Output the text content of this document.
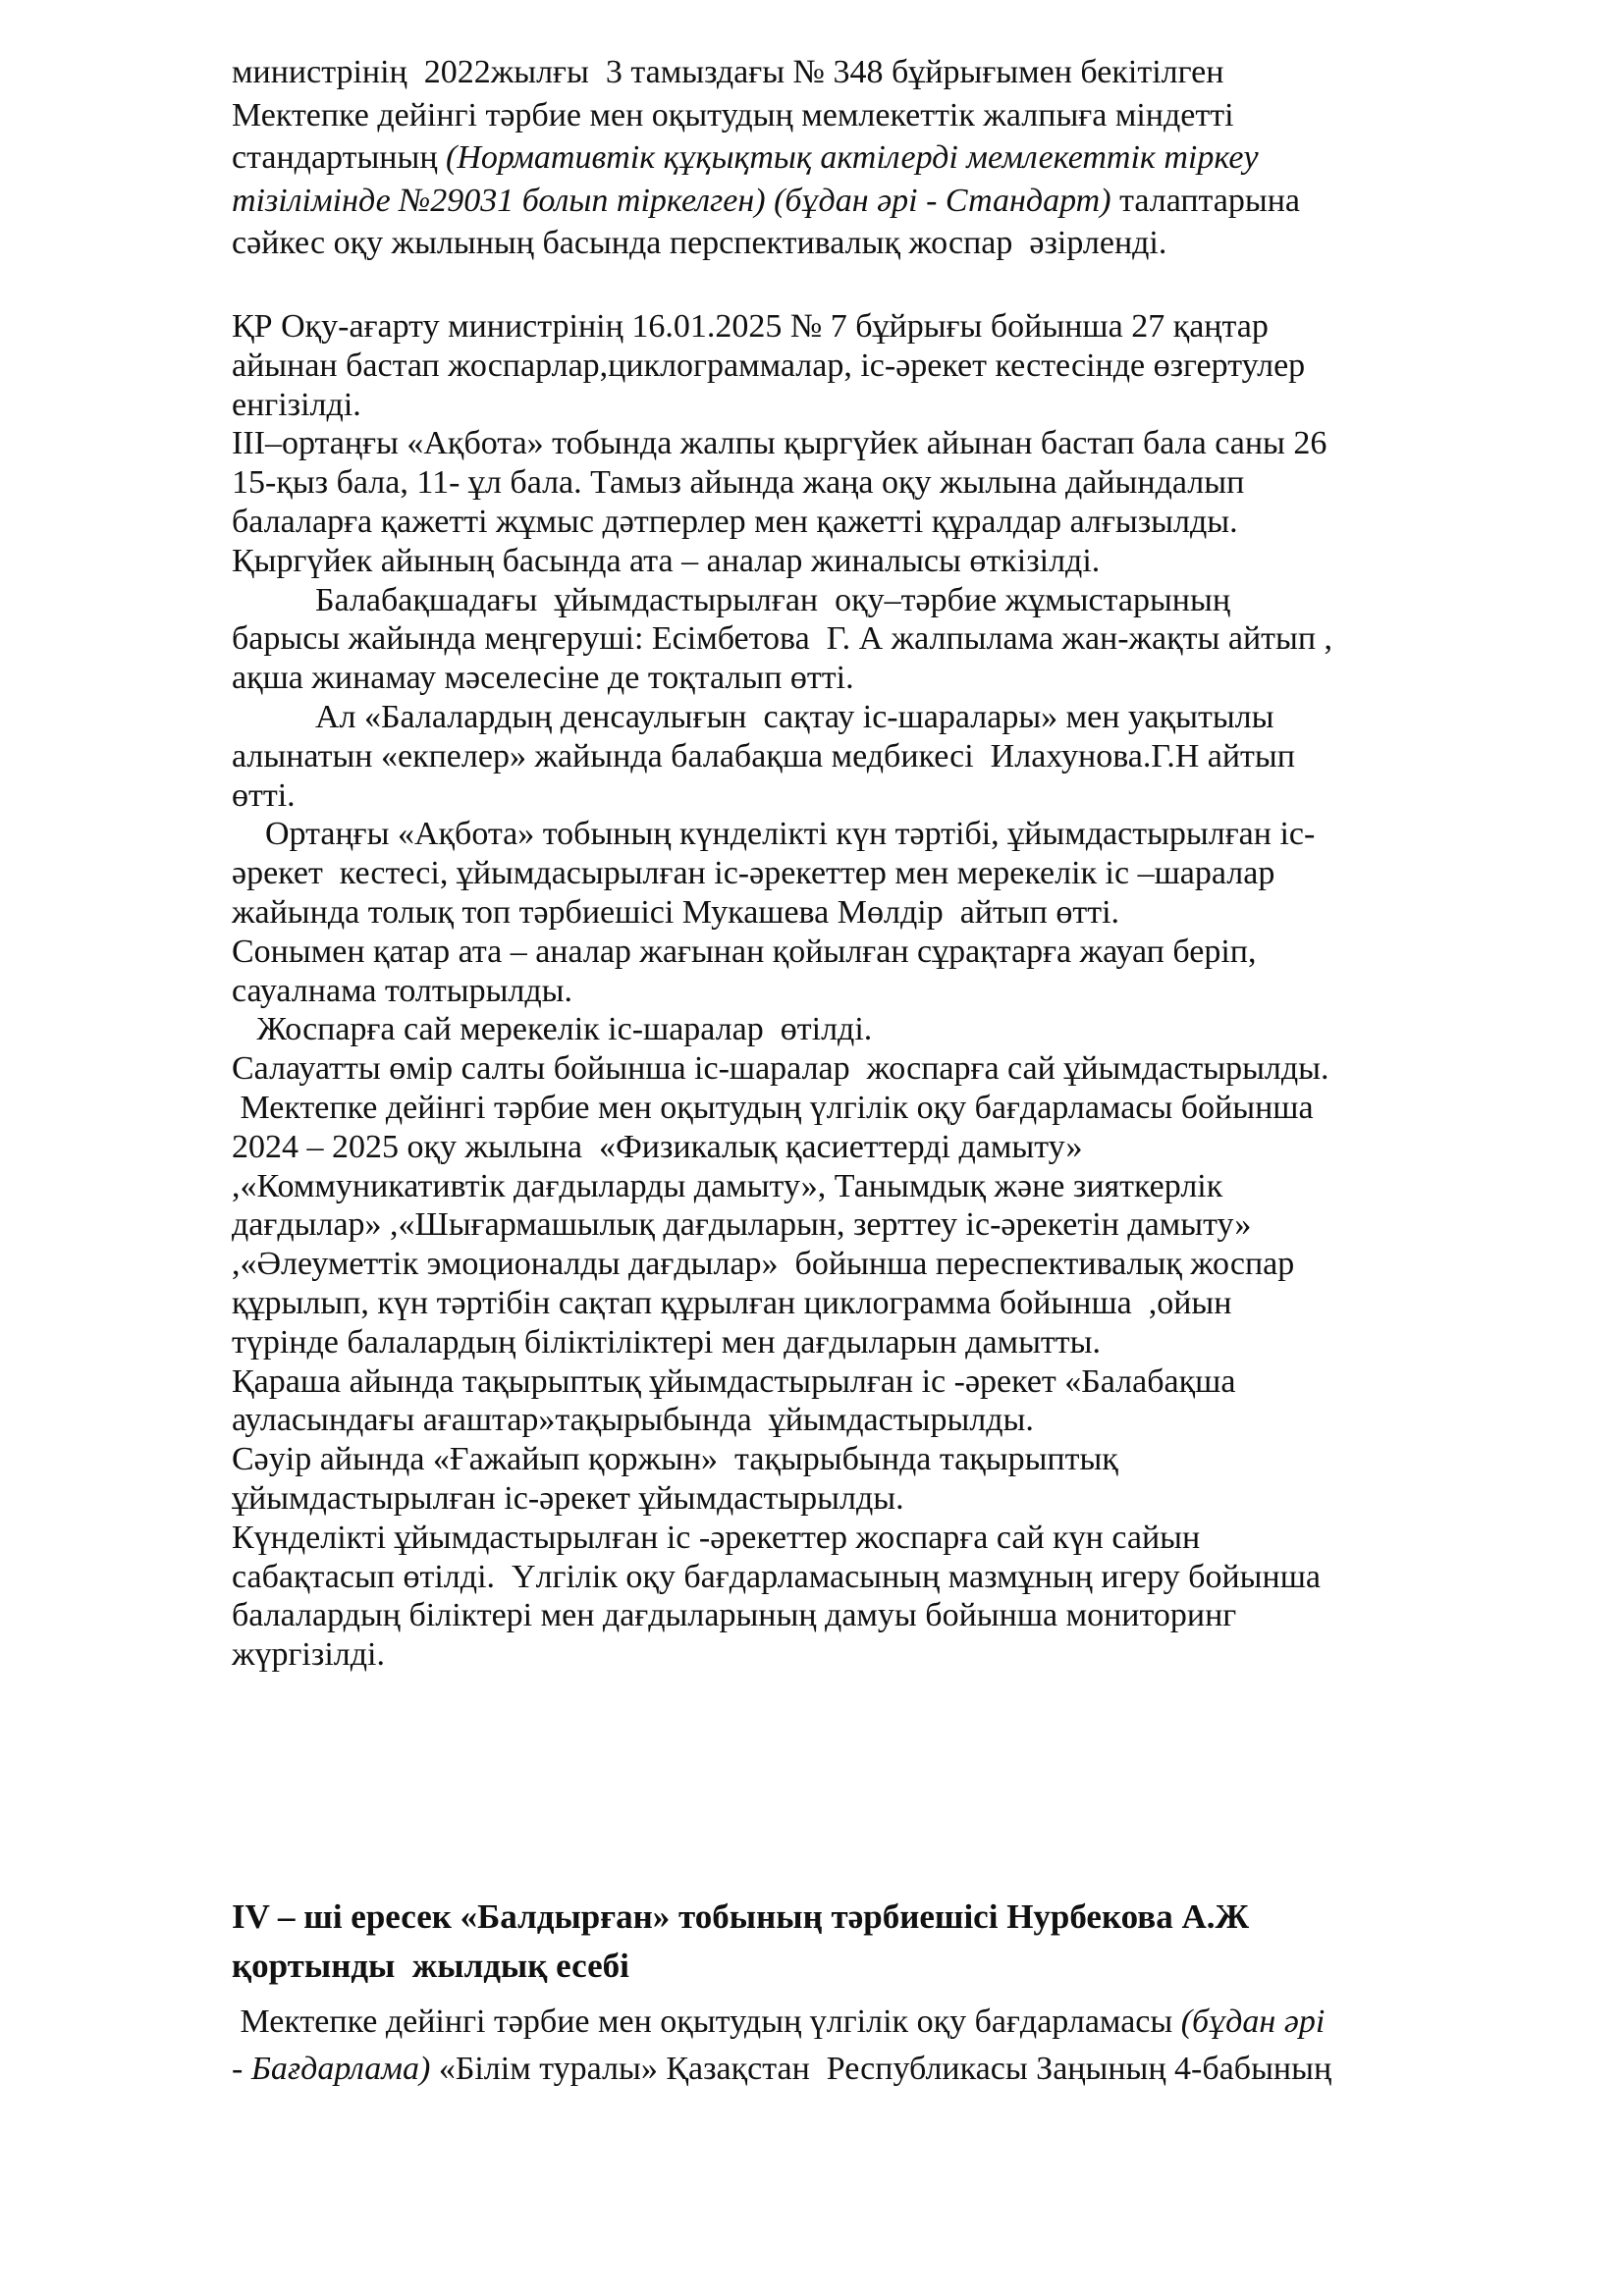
министрінің  2022жылғы  3 тамыздағы № 348 бұйрығымен бекітілген
Мектепке дейінгі тәрбие мен оқытудың мемлекеттік жалпыға міндетті
стандартының (Нормативтік құқықтық актілерді мемлекеттік тіркеу
тізілімінде №29031 болып тіркелген) (бұдан әрі - Стандарт) талаптарына
сәйкес оқу жылының басында перспективалық жоспар  әзірленді.
ҚР Оқу-ағарту министрінің 16.01.2025 № 7 бұйрығы бойынша 27 қаңтар
айынан бастап жоспарлар,циклограммалар, іс-әрекет кестесінде өзгертулер
енгізілді.
ІІІ–ортаңғы «Ақбота» тобында жалпы қыргүйек айынан бастап бала саны 26
15-қыз бала, 11- ұл бала. Тамыз айында жаңа оқу жылына дайындалып
балаларға қажетті жұмыс дәтперлер мен қажетті құралдар алғызылды.
Қыргүйек айының басында ата – аналар жиналысы өткізілді.
Балабақшадағы  ұйымдастырылған  оқу–тәрбие жұмыстарының
барысы жайында меңгеруші: Есімбетова  Г. А жалпылама жан-жақты айтып ,
ақша жинамау мәселесіне де тоқталып өтті.
Ал «Балалардың денсаулығын  сақтау іс-шаралары» мен уақытылы
алынатын «екпелер» жайында балабақша медбикесі  Илахунова.Г.Н айтып
өтті.
Ортаңғы «Ақбота» тобының күнделікті күн тәртібі, ұйымдастырылған іс-
әрекет  кестесі, ұйымдасырылған іс-әрекеттер мен мерекелік іс –шаралар
жайында толық топ тәрбиешісі Мукашева Мөлдір  айтып өтті.
Сонымен қатар ата – аналар жағынан қойылған сұрақтарға жауап беріп,
сауалнама толтырылды.
Жоспарға сай мерекелік іс-шаралар  өтілді.
Салауатты өмір салты бойынша іс-шаралар  жоспарға сай ұйымдастырылды.
Мектепке дейінгі тәрбие мен оқытудың үлгілік оқу бағдарламасы бойынша
2024 – 2025 оқу жылына  «Физикалық қасиеттерді дамыту»
,«Коммуникативтік дағдыларды дамыту», Танымдық және зияткерлік
дағдылар» ,«Шығармашылық дағдыларын, зерттеу іс-әрекетін дамыту»
,«Әлеуметтік эмоционалды дағдылар»  бойынша переспективалық жоспар
құрылып, күн тәртібін сақтап құрылған циклограмма бойынша  ,ойын
түрінде балалардың біліктіліктері мен дағдыларын дамытты.
Қараша айында тақырыптық ұйымдастырылған іс -әрекет «Балабақша
ауласындағы ағаштар»тақырыбында  ұйымдастырылды.
Сәуір айында «Ғажайып қоржын»  тақырыбында тақырыптық
ұйымдастырылған іс-әрекет ұйымдастырылды.
Күнделікті ұйымдастырылған іс -әрекеттер жоспарға сай күн сайын
сабақтасып өтілді.  Үлгілік оқу бағдарламасының мазмұның игеру бойынша
балалардың біліктері мен дағдыларының дамуы бойынша мониторинг
жүргізілді.
IV – ші ересек «Балдырған» тобының тәрбиешісі Нурбекова А.Ж
қортынды  жылдық есебі
Мектепке дейінгі тәрбие мен оқытудың үлгілік оқу бағдарламасы (бұдан әрі
- Бағдарлама) «Білім туралы» Қазақстан  Республикасы Заңының 4-бабының
